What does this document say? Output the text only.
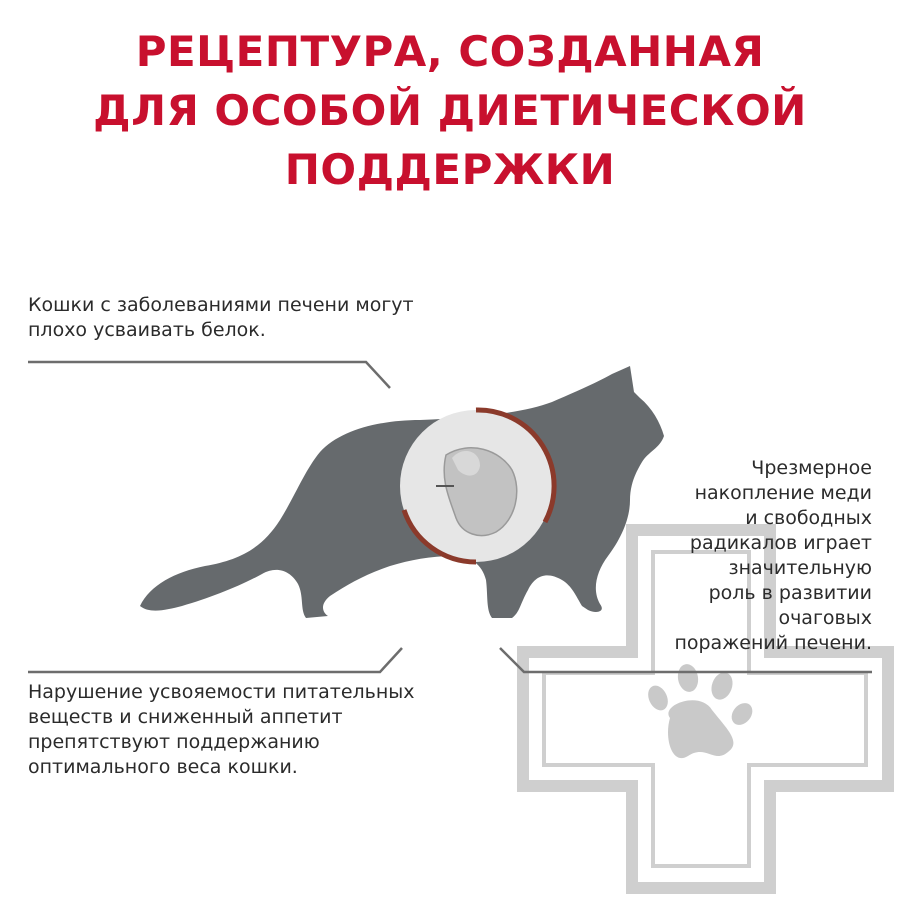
РЕЦЕПТУРА, СОЗДАННАЯ
ДЛЯ ОСОБОЙ ДИЕТИЧЕСКОЙ
ПОДДЕРЖКИ

Кошки с заболеваниями печени могут
плохо усваивать белок.

Чрезмерное
накопление меди
и свободных
радикалов играет
значительную
роль в развитии
очаговых
поражений печени.

Нарушение усвояемости питательных
веществ и сниженный аппетит
препятствуют поддержанию
оптимального веса кошки.
